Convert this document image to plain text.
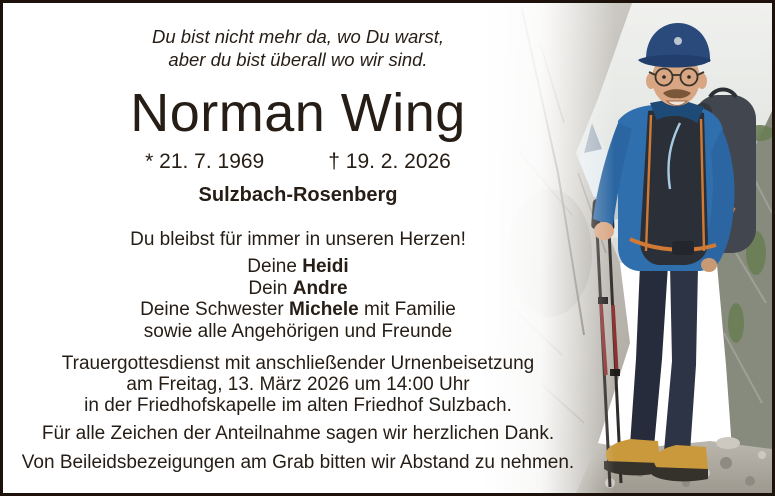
Du bist nicht mehr da, wo Du warst,
aber du bist überall wo wir sind.
Norman Wing
* 21. 7. 1969	† 19. 2. 2026
Sulzbach-Rosenberg
Du bleibst für immer in unseren Herzen!
Deine Heidi
Dein Andre
Deine Schwester Michele mit Familie
sowie alle Angehörigen und Freunde
Trauergottesdienst mit anschließender Urnenbeisetzung
am Freitag, 13. März 2026 um 14:00 Uhr
in der Friedhofskapelle im alten Friedhof Sulzbach.
Für alle Zeichen der Anteilnahme sagen wir herzlichen Dank.
Von Beileidsbezeigungen am Grab bitten wir Abstand zu nehmen.
